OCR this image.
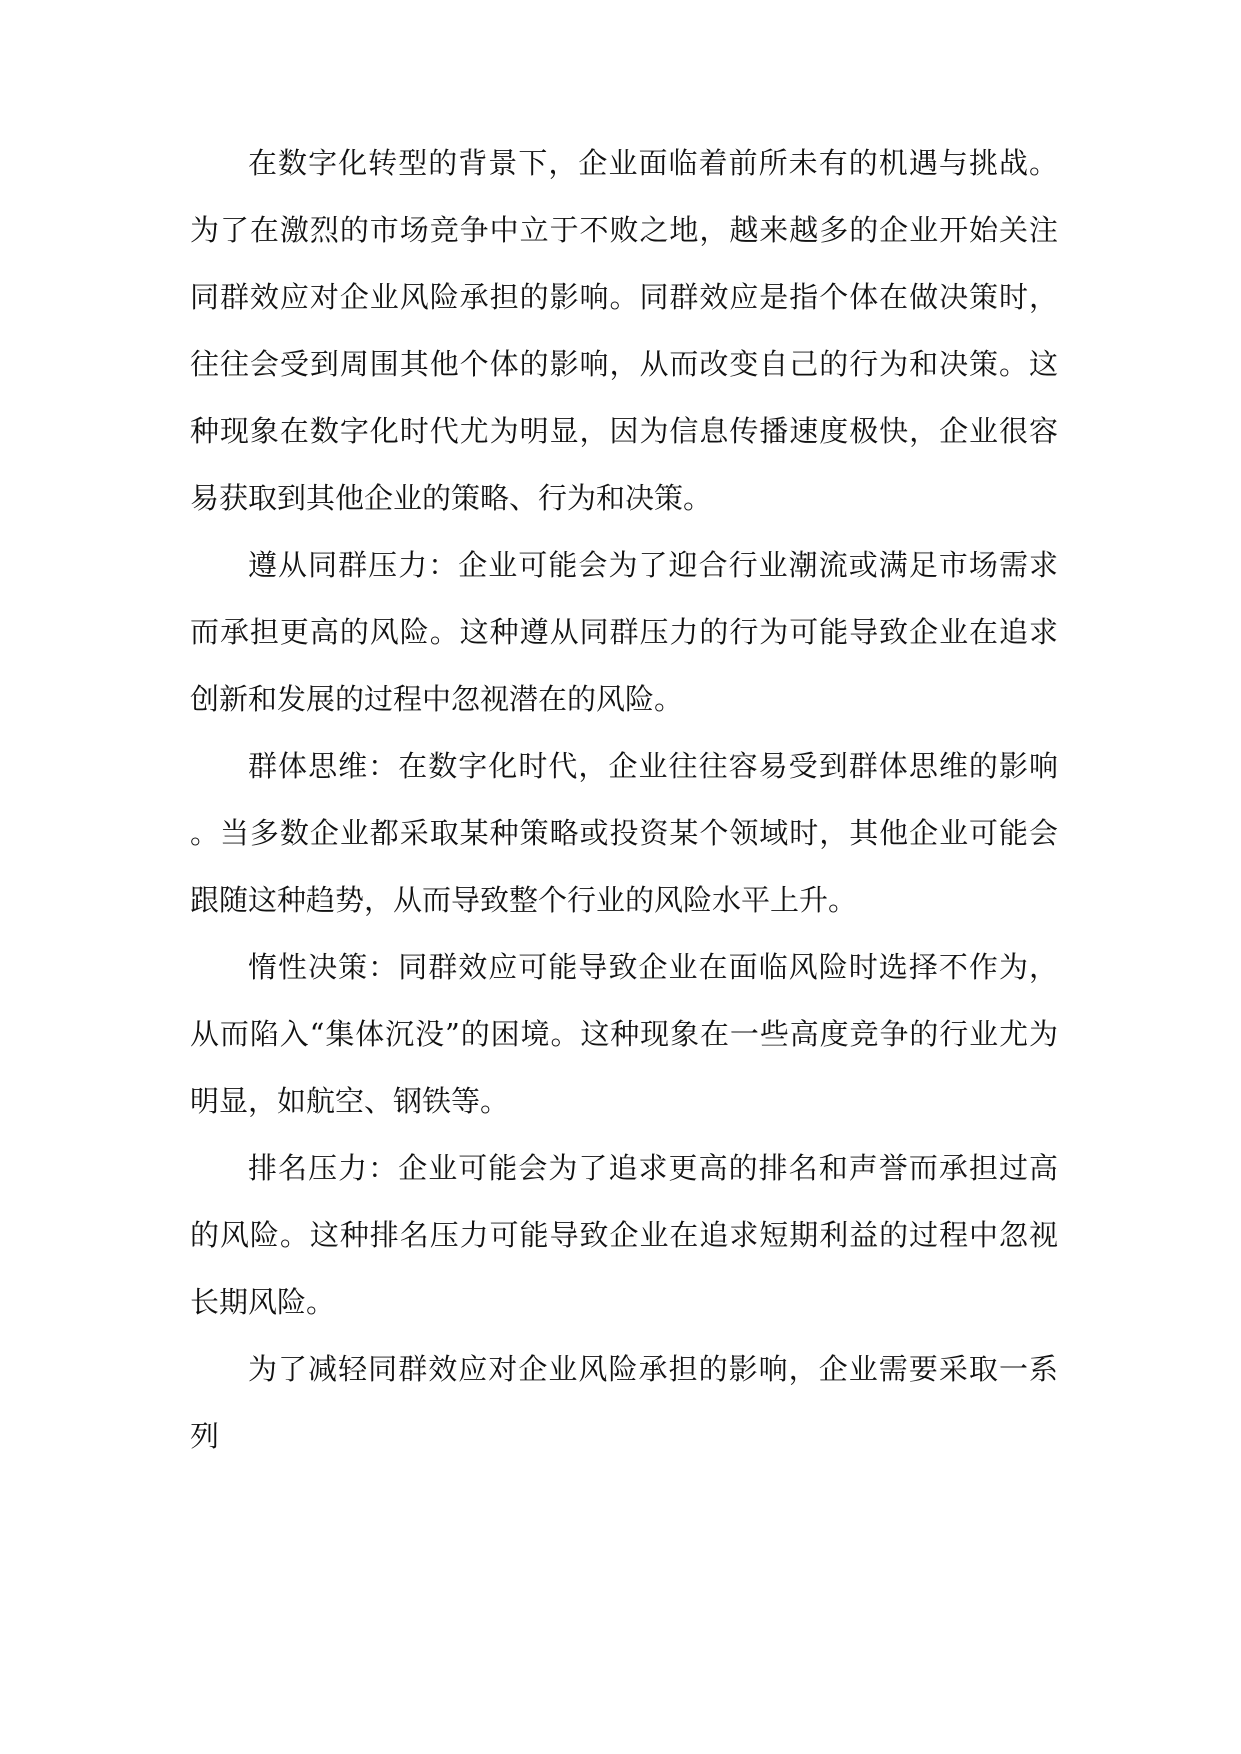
在数字化转型的背景下，企业面临着前所未有的机遇与挑战。为了在激烈的市场竞争中立于不败之地，越来越多的企业开始关注同群效应对企业风险承担的影响。同群效应是指个体在做决策时，往往会受到周围其他个体的影响，从而改变自己的行为和决策。这种现象在数字化时代尤为明显，因为信息传播速度极快，企业很容易获取到其他企业的策略、行为和决策。

遵从同群压力：企业可能会为了迎合行业潮流或满足市场需求而承担更高的风险。这种遵从同群压力的行为可能导致企业在追求创新和发展的过程中忽视潜在的风险。

群体思维：在数字化时代，企业往往容易受到群体思维的影响。当多数企业都采取某种策略或投资某个领域时，其他企业可能会跟随这种趋势，从而导致整个行业的风险水平上升。

惰性决策：同群效应可能导致企业在面临风险时选择不作为，从而陷入“集体沉没”的困境。这种现象在一些高度竞争的行业尤为明显，如航空、钢铁等。

排名压力：企业可能会为了追求更高的排名和声誉而承担过高的风险。这种排名压力可能导致企业在追求短期利益的过程中忽视长期风险。

为了减轻同群效应对企业风险承担的影响，企业需要采取一系列
